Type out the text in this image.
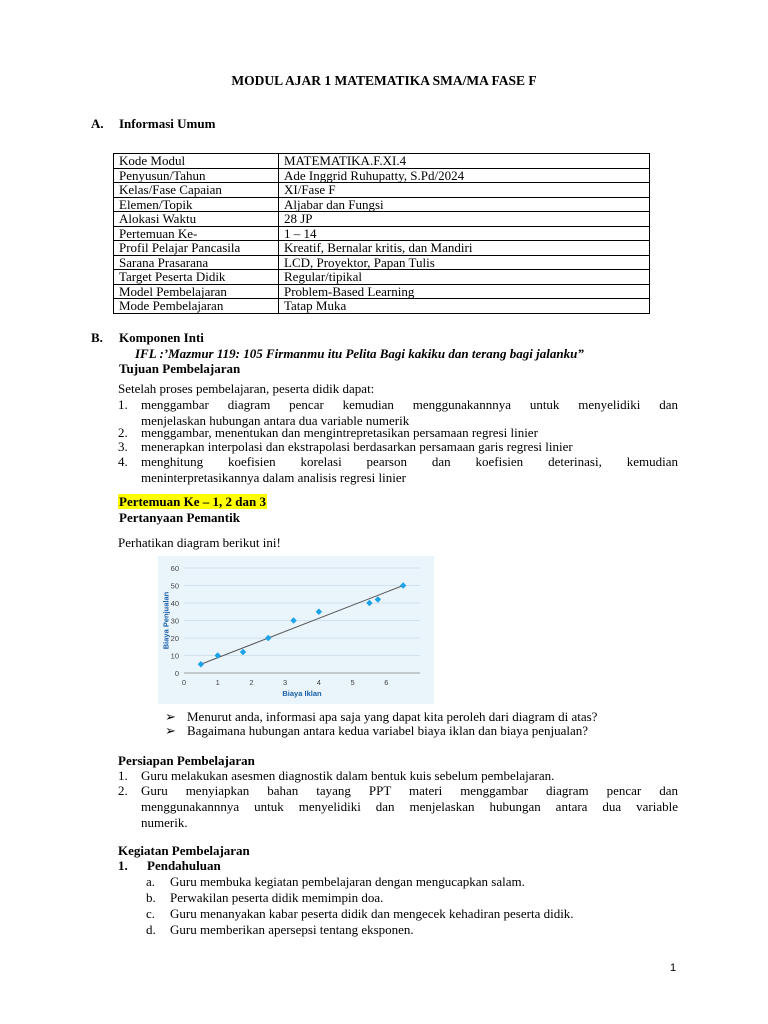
MODUL AJAR 1 MATEMATIKA SMA/MA FASE F
A. Informasi Umum
Kode Modul	MATEMATIKA.F.XI.4
Penyusun/Tahun	Ade Inggrid Ruhupatty, S.Pd/2024
Kelas/Fase Capaian	XI/Fase F
Elemen/Topik	Aljabar dan Fungsi
Alokasi Waktu	28 JP
Pertemuan Ke-	1 – 14
Profil Pelajar Pancasila	Kreatif, Bernalar kritis, dan Mandiri
Sarana Prasarana	LCD, Proyektor, Papan Tulis
Target Peserta Didik	Regular/tipikal
Model Pembelajaran	Problem-Based Learning
Mode Pembelajaran	Tatap Muka
B. Komponen Inti
IFL :’Mazmur 119: 105 Firmanmu itu Pelita Bagi kakiku dan terang bagi jalanku”
Tujuan Pembelajaran
Setelah proses pembelajaran, peserta didik dapat:
1. menggambar diagram pencar kemudian menggunakannnya untuk menyelidiki dan
menjelaskan hubungan antara dua variable numerik
2. menggambar, menentukan dan mengintrepretasikan persamaan regresi linier
3. menerapkan interpolasi dan ekstrapolasi berdasarkan persamaan garis regresi linier
4. menghitung koefisien korelasi pearson dan koefisien deterinasi, kemudian
meninterpretasikannya dalam analisis regresi linier
Pertemuan Ke – 1, 2 dan 3
Pertanyaan Pemantik
Perhatikan diagram berikut ini!
0
10
20
30
40
50
60
0	1	2	3	4	5	6
Biaya Iklan
Biaya Penjualan
➢ Menurut anda, informasi apa saja yang dapat kita peroleh dari diagram di atas?
➢ Bagaimana hubungan antara kedua variabel biaya iklan dan biaya penjualan?
Persiapan Pembelajaran
1. Guru melakukan asesmen diagnostik dalam bentuk kuis sebelum pembelajaran.
2. Guru menyiapkan bahan tayang PPT materi menggambar diagram pencar dan
menggunakannnya untuk menyelidiki dan menjelaskan hubungan antara dua variable
numerik.
Kegiatan Pembelajaran
1. Pendahuluan
a. Guru membuka kegiatan pembelajaran dengan mengucapkan salam.
b. Perwakilan peserta didik memimpin doa.
c. Guru menanyakan kabar peserta didik dan mengecek kehadiran peserta didik.
d. Guru memberikan apersepsi tentang eksponen.
1
